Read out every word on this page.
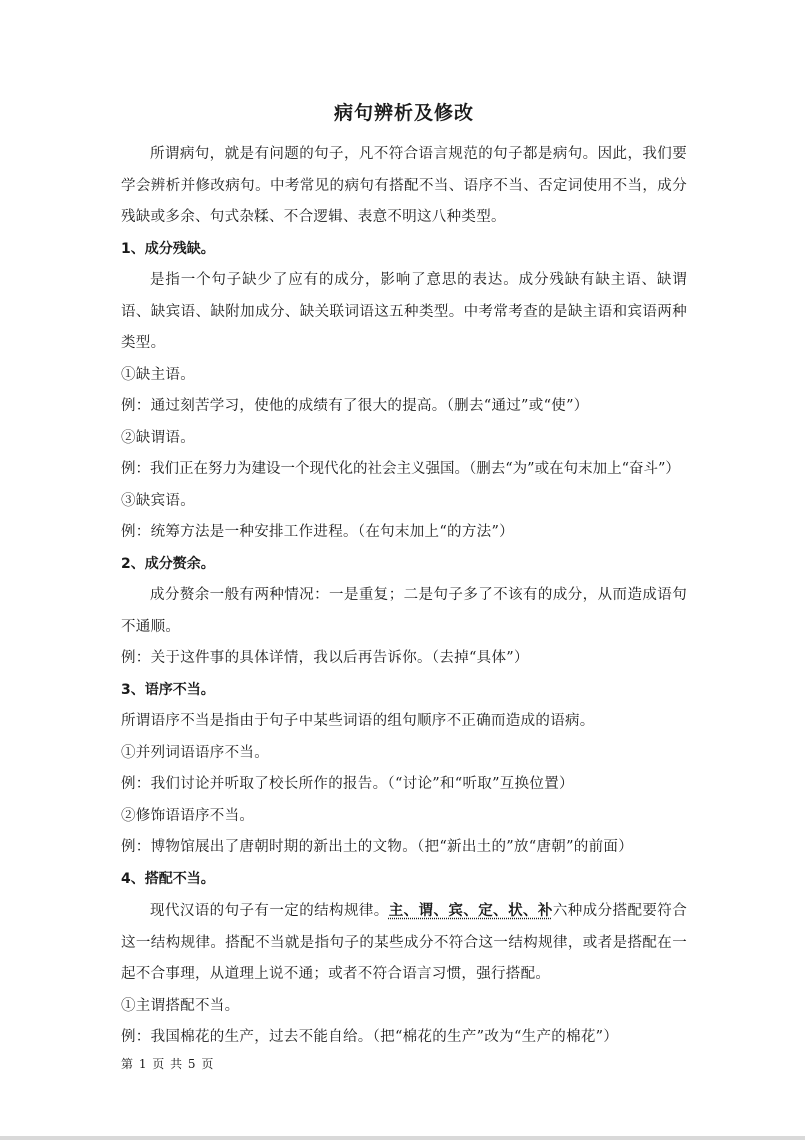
病句辨析及修改

所谓病句，就是有问题的句子，凡不符合语言规范的句子都是病句。因此，我们要学会辨析并修改病句。中考常见的病句有搭配不当、语序不当、否定词使用不当，成分残缺或多余、句式杂糅、不合逻辑、表意不明这八种类型。

1、成分残缺。

是指一个句子缺少了应有的成分，影响了意思的表达。成分残缺有缺主语、缺谓语、缺宾语、缺附加成分、缺关联词语这五种类型。中考常考查的是缺主语和宾语两种类型。

①缺主语。

例：通过刻苦学习，使他的成绩有了很大的提高。（删去“通过”或“使”）

②缺谓语。

例：我们正在努力为建设一个现代化的社会主义强国。（删去“为”或在句末加上“奋斗”）

③缺宾语。

例：统筹方法是一种安排工作进程。（在句末加上“的方法”）

2、成分赘余。

成分赘余一般有两种情况：一是重复；二是句子多了不该有的成分，从而造成语句不通顺。

例：关于这件事的具体详情，我以后再告诉你。（去掉“具体”）

3、语序不当。

所谓语序不当是指由于句子中某些词语的组句顺序不正确而造成的语病。

①并列词语语序不当。

例：我们讨论并听取了校长所作的报告。（“讨论”和“听取”互换位置）

②修饰语语序不当。

例：博物馆展出了唐朝时期的新出土的文物。（把“新出土的”放“唐朝”的前面）

4、搭配不当。

现代汉语的句子有一定的结构规律。主、谓、宾、定、状、补六种成分搭配要符合这一结构规律。搭配不当就是指句子的某些成分不符合这一结构规律，或者是搭配在一起不合事理，从道理上说不通；或者不符合语言习惯，强行搭配。

①主谓搭配不当。

例：我国棉花的生产，过去不能自给。（把“棉花的生产”改为“生产的棉花”）

第 1 页 共 5 页
